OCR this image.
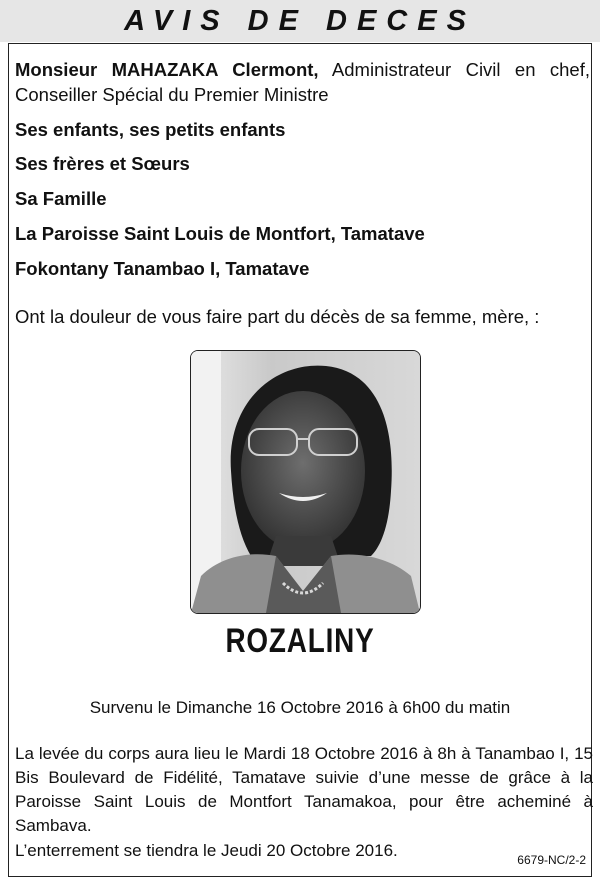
AVIS DE DECES
Monsieur MAHAZAKA Clermont, Administrateur Civil en chef, Conseiller Spécial du Premier Ministre
Ses enfants, ses petits enfants
Ses frères et Sœurs
Sa Famille
La Paroisse Saint Louis de Montfort, Tamatave
Fokontany Tanambao I, Tamatave
Ont la douleur de vous faire part du décès de sa femme, mère, :
ROZALINY
Survenu le Dimanche 16 Octobre 2016 à 6h00 du matin
La levée du corps aura lieu le Mardi 18 Octobre 2016 à 8h à Tanambao I, 15 Bis Boulevard de Fidélité, Tamatave suivie d’une messe de grâce à la Paroisse Saint Louis de Montfort Tanamakoa, pour être acheminé à Sambava.
L’enterrement se tiendra le Jeudi 20 Octobre 2016.	6679-NC/2-2
